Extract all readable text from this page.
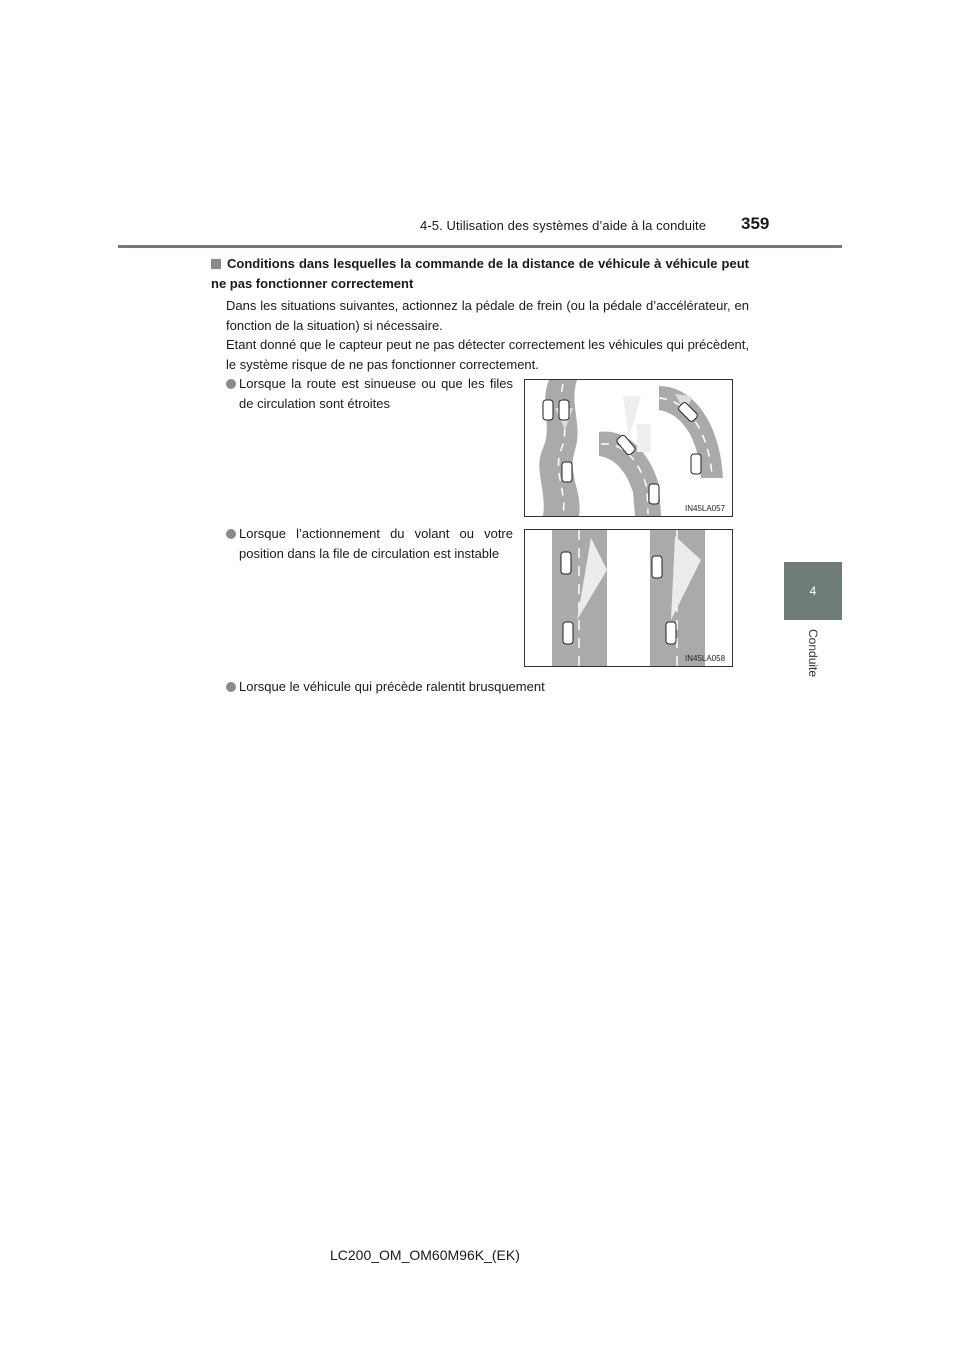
4-5. Utilisation des systèmes d’aide à la conduite 359
4
Conduite
Conditions dans lesquelles la commande de la distance de véhicule à véhicule peut ne pas fonctionner correctement
Dans les situations suivantes, actionnez la pédale de frein (ou la pédale d’accélérateur, en fonction de la situation) si nécessaire.
Etant donné que le capteur peut ne pas détecter correctement les véhicules qui précèdent, le système risque de ne pas fonctionner correctement.
Lorsque la route est sinueuse ou que les files de circulation sont étroites
IN45LA057
Lorsque l’actionnement du volant ou votre position dans la file de circulation est instable
IN45LA058
Lorsque le véhicule qui précède ralentit brusquement
LC200_OM_OM60M96K_(EK)
